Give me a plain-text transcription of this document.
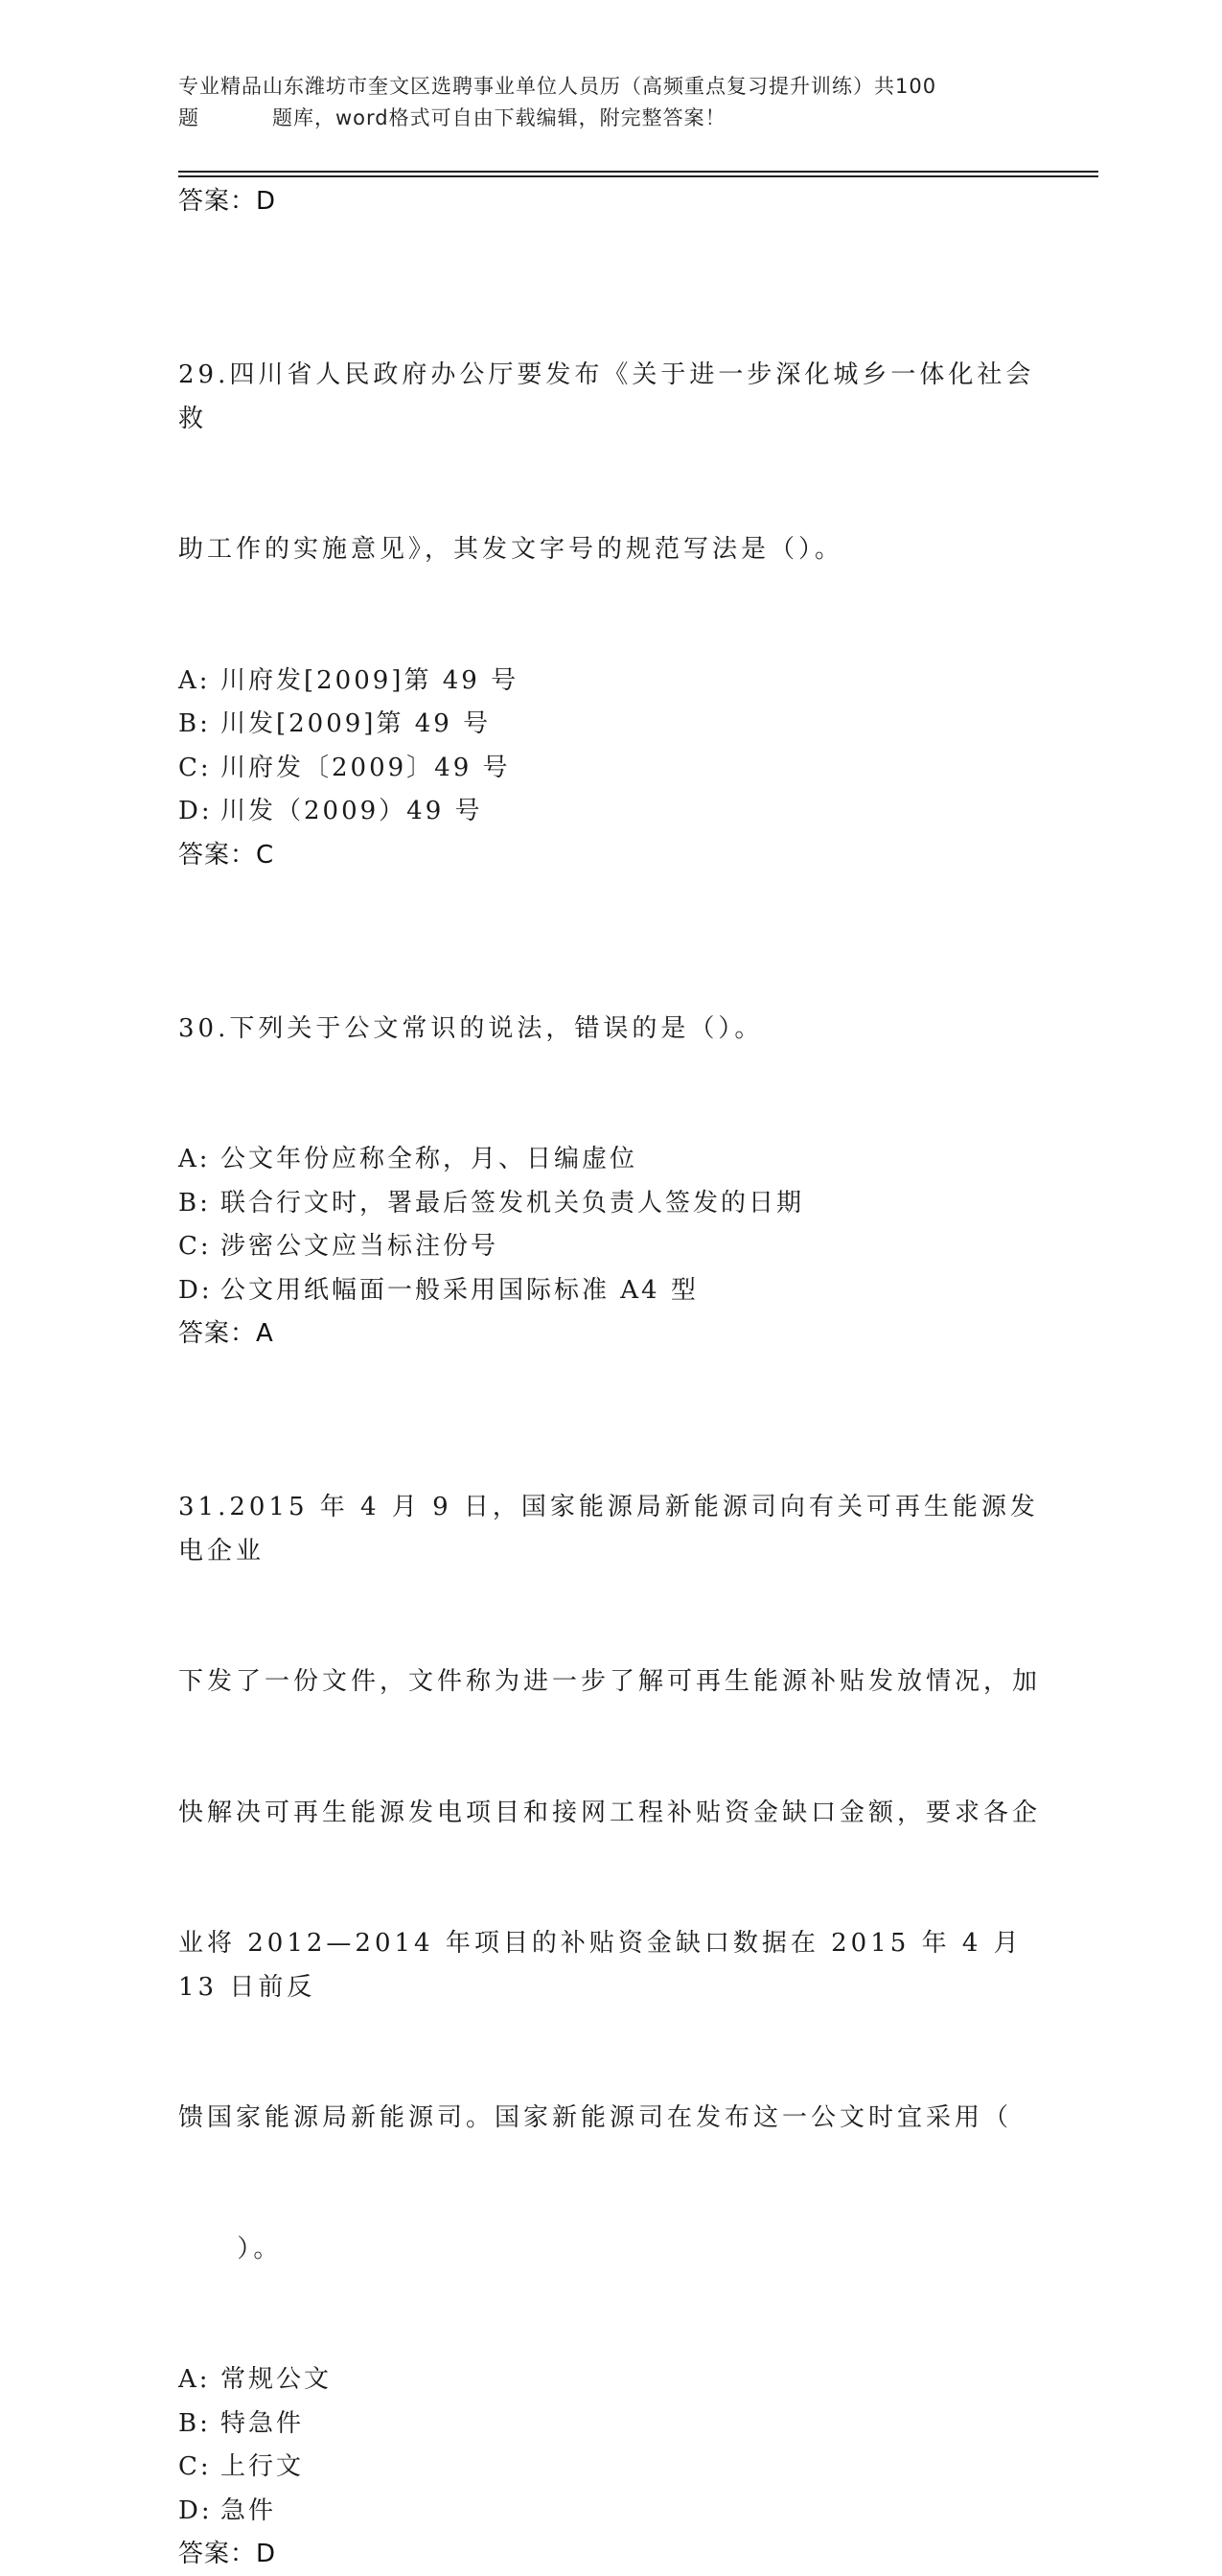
专业精品山东潍坊市奎文区选聘事业单位人员历（高频重点复习提升训练）共100
题	题库，word格式可自由下载编辑，附完整答案！
答案：D

29.四川省人民政府办公厅要发布《关于进一步深化城乡一体化社会救

助工作的实施意见》，其发文字号的规范写法是（）。

A: 川府发[2009]第 49 号
B: 川发[2009]第 49 号
C: 川府发〔2009〕49 号
D: 川发（2009）49 号
答案：C

30.下列关于公文常识的说法，错误的是（）。

A: 公文年份应称全称，月、日编虚位
B: 联合行文时，署最后签发机关负责人签发的日期
C: 涉密公文应当标注份号
D: 公文用纸幅面一般采用国际标准 A4 型
答案：A

31.2015 年 4 月 9 日，国家能源局新能源司向有关可再生能源发电企业

下发了一份文件，文件称为进一步了解可再生能源补贴发放情况，加

快解决可再生能源发电项目和接网工程补贴资金缺口金额，要求各企

业将 2012—2014 年项目的补贴资金缺口数据在 2015 年 4 月 13 日前反

馈国家能源局新能源司。国家新能源司在发布这一公文时宜采用（

）。

A: 常规公文
B: 特急件
C: 上行文
D: 急件
答案：D
